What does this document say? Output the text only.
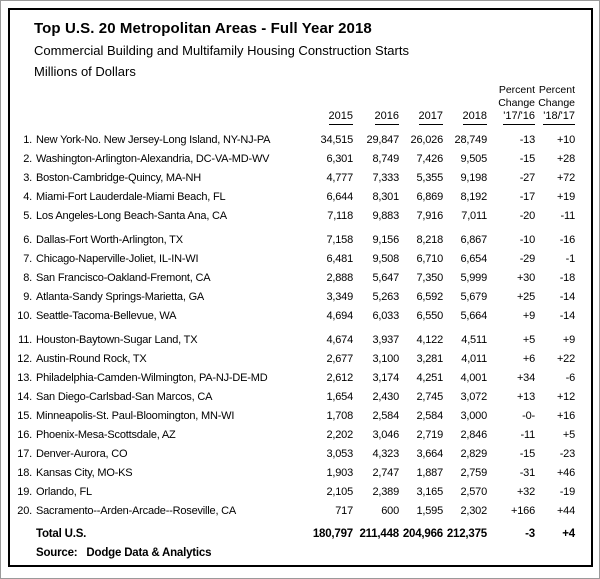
Top U.S. 20 Metropolitan Areas - Full Year 2018
Commercial Building and Multifamily Housing Construction Starts
Millions of Dollars
2015	2016	2017	2018
Percent
Change
'17/'16
Percent
Change
'18/'17
1. New York-No. New Jersey-Long Island, NY-NJ-PA	34,515	29,847	26,026	28,749	-13	+10
2. Washington-Arlington-Alexandria, DC-VA-MD-WV	6,301	8,749	7,426	9,505	-15	+28
3. Boston-Cambridge-Quincy, MA-NH	4,777	7,333	5,355	9,198	-27	+72
4. Miami-Fort Lauderdale-Miami Beach, FL	6,644	8,301	6,869	8,192	-17	+19
5. Los Angeles-Long Beach-Santa Ana, CA	7,118	9,883	7,916	7,011	-20	-11
6. Dallas-Fort Worth-Arlington, TX	7,158	9,156	8,218	6,867	-10	-16
7. Chicago-Naperville-Joliet, IL-IN-WI	6,481	9,508	6,710	6,654	-29	-1
8. San Francisco-Oakland-Fremont, CA	2,888	5,647	7,350	5,999	+30	-18
9. Atlanta-Sandy Springs-Marietta, GA	3,349	5,263	6,592	5,679	+25	-14
10. Seattle-Tacoma-Bellevue, WA	4,694	6,033	6,550	5,664	+9	-14
11. Houston-Baytown-Sugar Land, TX	4,674	3,937	4,122	4,511	+5	+9
12. Austin-Round Rock, TX	2,677	3,100	3,281	4,011	+6	+22
13. Philadelphia-Camden-Wilmington, PA-NJ-DE-MD	2,612	3,174	4,251	4,001	+34	-6
14. San Diego-Carlsbad-San Marcos, CA	1,654	2,430	2,745	3,072	+13	+12
15. Minneapolis-St. Paul-Bloomington, MN-WI	1,708	2,584	2,584	3,000	-0-	+16
16. Phoenix-Mesa-Scottsdale, AZ	2,202	3,046	2,719	2,846	-11	+5
17. Denver-Aurora, CO	3,053	4,323	3,664	2,829	-15	-23
18. Kansas City, MO-KS	1,903	2,747	1,887	2,759	-31	+46
19. Orlando, FL	2,105	2,389	3,165	2,570	+32	-19
20. Sacramento--Arden-Arcade--Roseville, CA	717	600	1,595	2,302	+166	+44
Total U.S.	180,797 211,448 204,966 212,375	-3	+4
Source: Dodge Data & Analytics
